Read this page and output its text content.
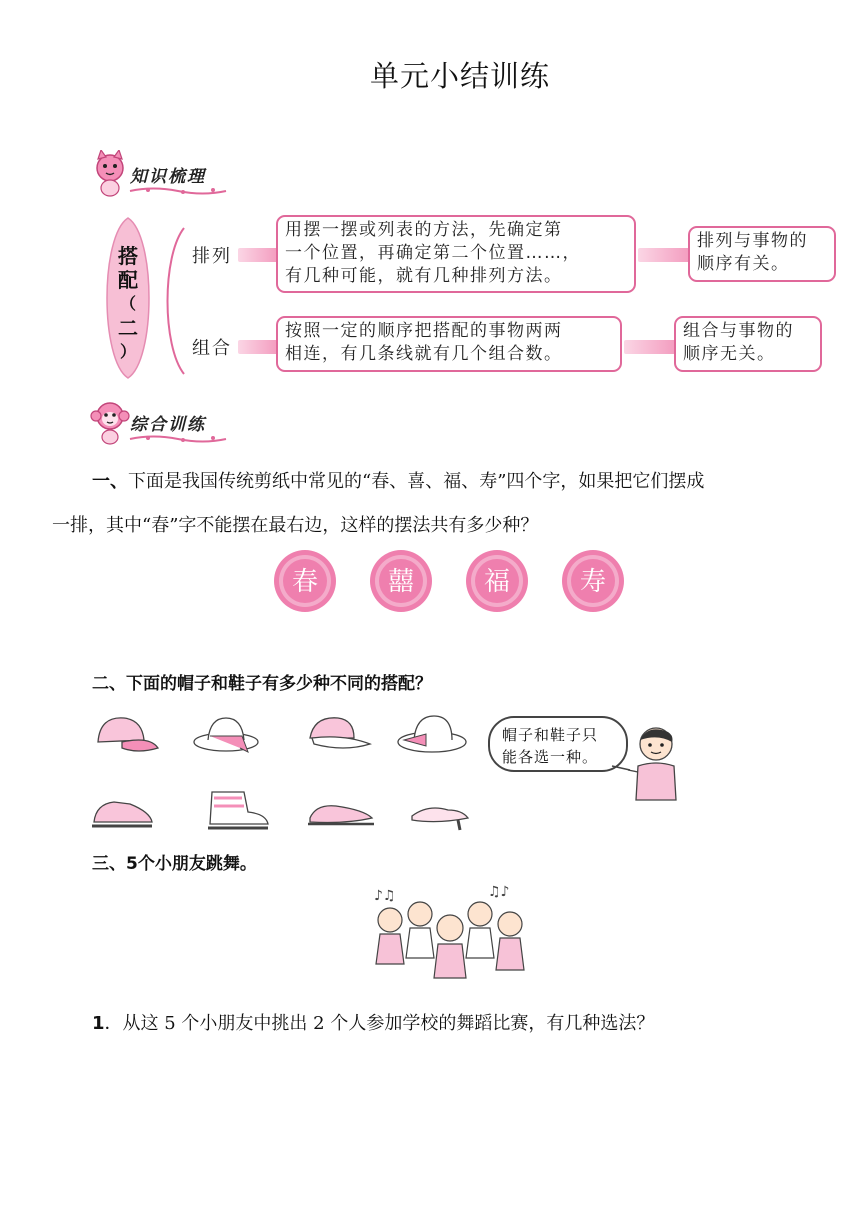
单元小结训练
知识梳理
搭
配
（
二
）
排列
用摆一摆或列表的方法，先确定第
一个位置，再确定第二个位置……，
有几种可能，就有几种排列方法。
排列与事物的
顺序有关。
组合
按照一定的顺序把搭配的事物两两
相连，有几条线就有几个组合数。
组合与事物的
顺序无关。
综合训练
一、下面是我国传统剪纸中常见的“春、喜、福、寿”四个字，如果把它们摆成
一排，其中“春”字不能摆在最右边，这样的摆法共有多少种？
春	囍	福	寿
二、下面的帽子和鞋子有多少种不同的搭配？
帽子和鞋子只
能各选一种。
三、5个小朋友跳舞。
♪♫	♫♪
1．从这 5 个小朋友中挑出 2 个人参加学校的舞蹈比赛，有几种选法？
